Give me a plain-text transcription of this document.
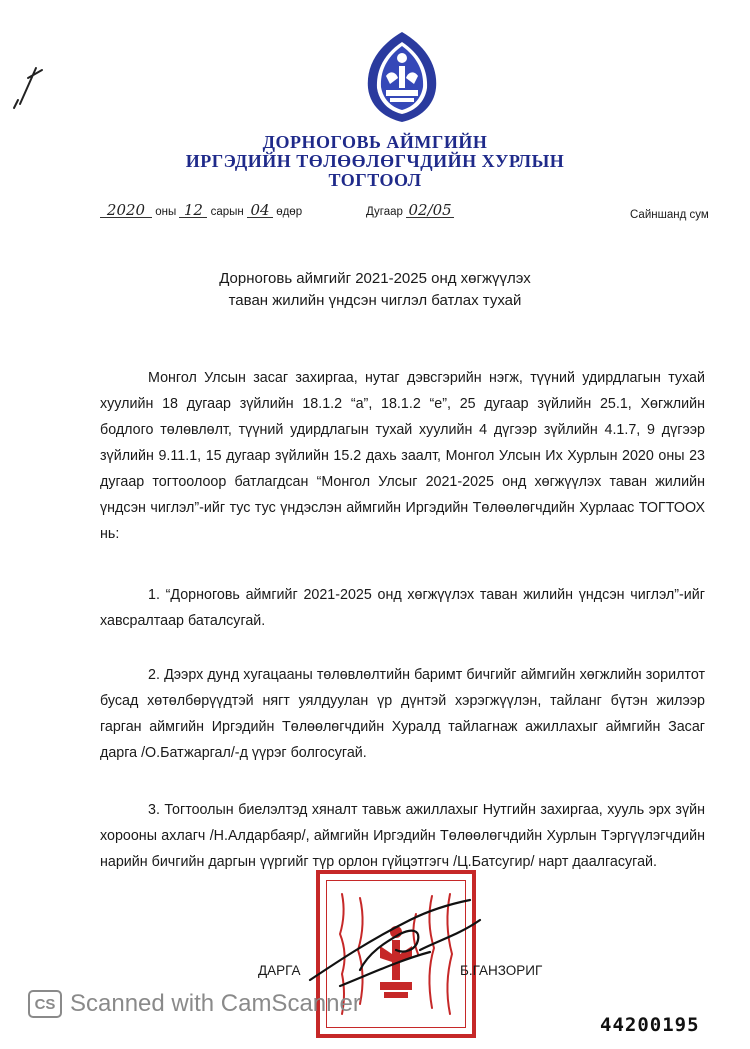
ДОРНОГОВЬ АЙМГИЙН
ИРГЭДИЙН ТӨЛӨӨЛӨГЧДИЙН ХУРЛЫН
ТОГТООЛ
2020 оны 12 сарын 04 өдөр	Дугаар 02/05	Сайншанд сум
Дорноговь аймгийг 2021-2025 онд хөгжүүлэх
таван жилийн үндсэн чиглэл батлах тухай
Монгол Улсын засаг захиргаа, нутаг дэвсгэрийн нэгж, түүний удирдлагын тухай хуулийн 18 дугаар зүйлийн 18.1.2 “а”, 18.1.2 “е”, 25 дугаар зүйлийн 25.1, Хөгжлийн бодлого төлөвлөлт, түүний удирдлагын тухай хуулийн 4 дүгээр зүйлийн 4.1.7, 9 дүгээр зүйлийн 9.11.1, 15 дугаар зүйлийн 15.2 дахь заалт, Монгол Улсын Их Хурлын 2020 оны 23 дугаар тогтоолоор батлагдсан “Монгол Улсыг 2021-2025 онд хөгжүүлэх таван жилийн үндсэн чиглэл”-ийг тус тус үндэслэн аймгийн Иргэдийн Төлөөлөгчдийн Хурлаас ТОГТООХ нь:
1. “Дорноговь аймгийг 2021-2025 онд хөгжүүлэх таван жилийн үндсэн чиглэл”-ийг хавсралтаар баталсугай.
2. Дээрх дунд хугацааны төлөвлөлтийн баримт бичгийг аймгийн хөгжлийн зорилтот бусад хөтөлбөрүүдтэй нягт уялдуулан үр дүнтэй хэрэгжүүлэн, тайланг бүтэн жилээр гарган аймгийн Иргэдийн Төлөөлөгчдийн Хуралд тайлагнаж ажиллахыг аймгийн Засаг дарга /О.Батжаргал/-д үүрэг болгосугай.
3. Тогтоолын биелэлтэд хяналт тавьж ажиллахыг Нутгийн захиргаа, хууль эрх зүйн хорооны ахлагч /Н.Алдарбаяр/, аймгийн Иргэдийн Төлөөлөгчдийн Хурлын Тэргүүлэгчдийн нарийн бичгийн даргын үүргийг түр орлон гүйцэтгэгч /Ц.Батсугир/ нарт даалгасугай.
ДАРГА	Б.ГАНЗОРИГ
CS Scanned with CamScanner
44200195
